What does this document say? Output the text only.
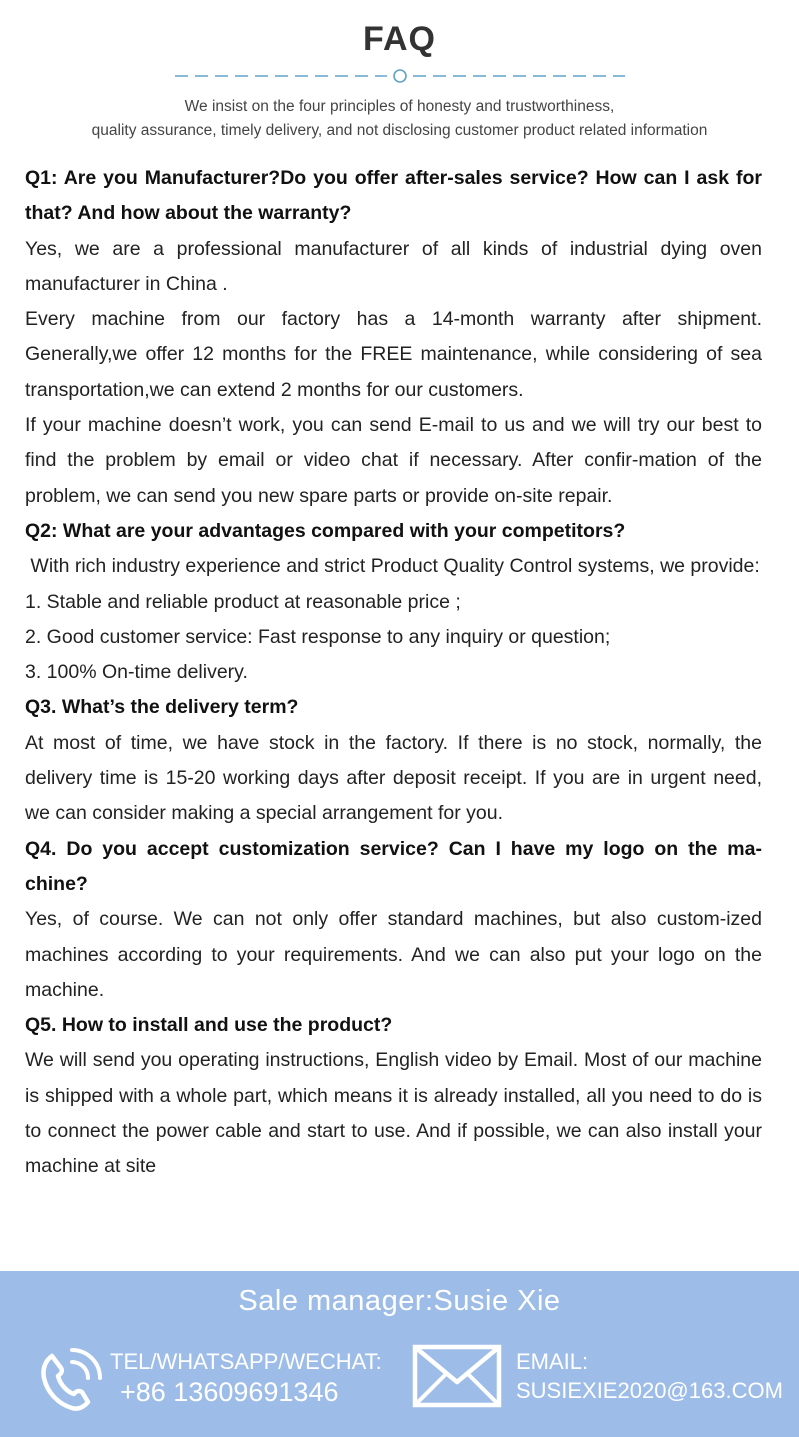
FAQ
We insist on the four principles of honesty and trustworthiness,
quality assurance, timely delivery, and not disclosing customer product related information

Q1: Are you Manufacturer?Do you offer after-sales service? How can I ask for that? And how about the warranty?

Yes, we are a professional manufacturer of all kinds of industrial dying oven manufacturer in China .

Every machine from our factory has a 14-month warranty after shipment. Generally,we offer 12 months for the FREE maintenance, while considering of sea transportation,we can extend 2 months for our customers.

If your machine doesn’t work, you can send E-mail to us and we will try our best to find the problem by email or video chat if necessary. After confir-mation of the problem, we can send you new spare parts or provide on-site repair.

Q2: What are your advantages compared with your competitors?

With rich industry experience and strict Product Quality Control systems, we provide:

1. Stable and reliable product at reasonable price ;

2. Good customer service: Fast response to any inquiry or question;

3. 100% On-time delivery.

Q3. What’s the delivery term?

At most of time, we have stock in the factory. If there is no stock, normally, the delivery time is 15-20 working days after deposit receipt. If you are in urgent need, we can consider making a special arrangement for you.

Q4. Do you accept customization service? Can I have my logo on the ma-chine?

Yes, of course. We can not only offer standard machines, but also custom-ized machines according to your requirements. And we can also put your logo on the machine.

Q5. How to install and use the product?

We will send you operating instructions, English video by Email. Most of our machine is shipped with a whole part, which means it is already installed, all you need to do is to connect the power cable and start to use. And if possible, we can also install your machine at site

Sale manager:Susie Xie
TEL/WHATSAPP/WECHAT:
+86 13609691346
EMAIL:
SUSIEXIE2020@163.COM
